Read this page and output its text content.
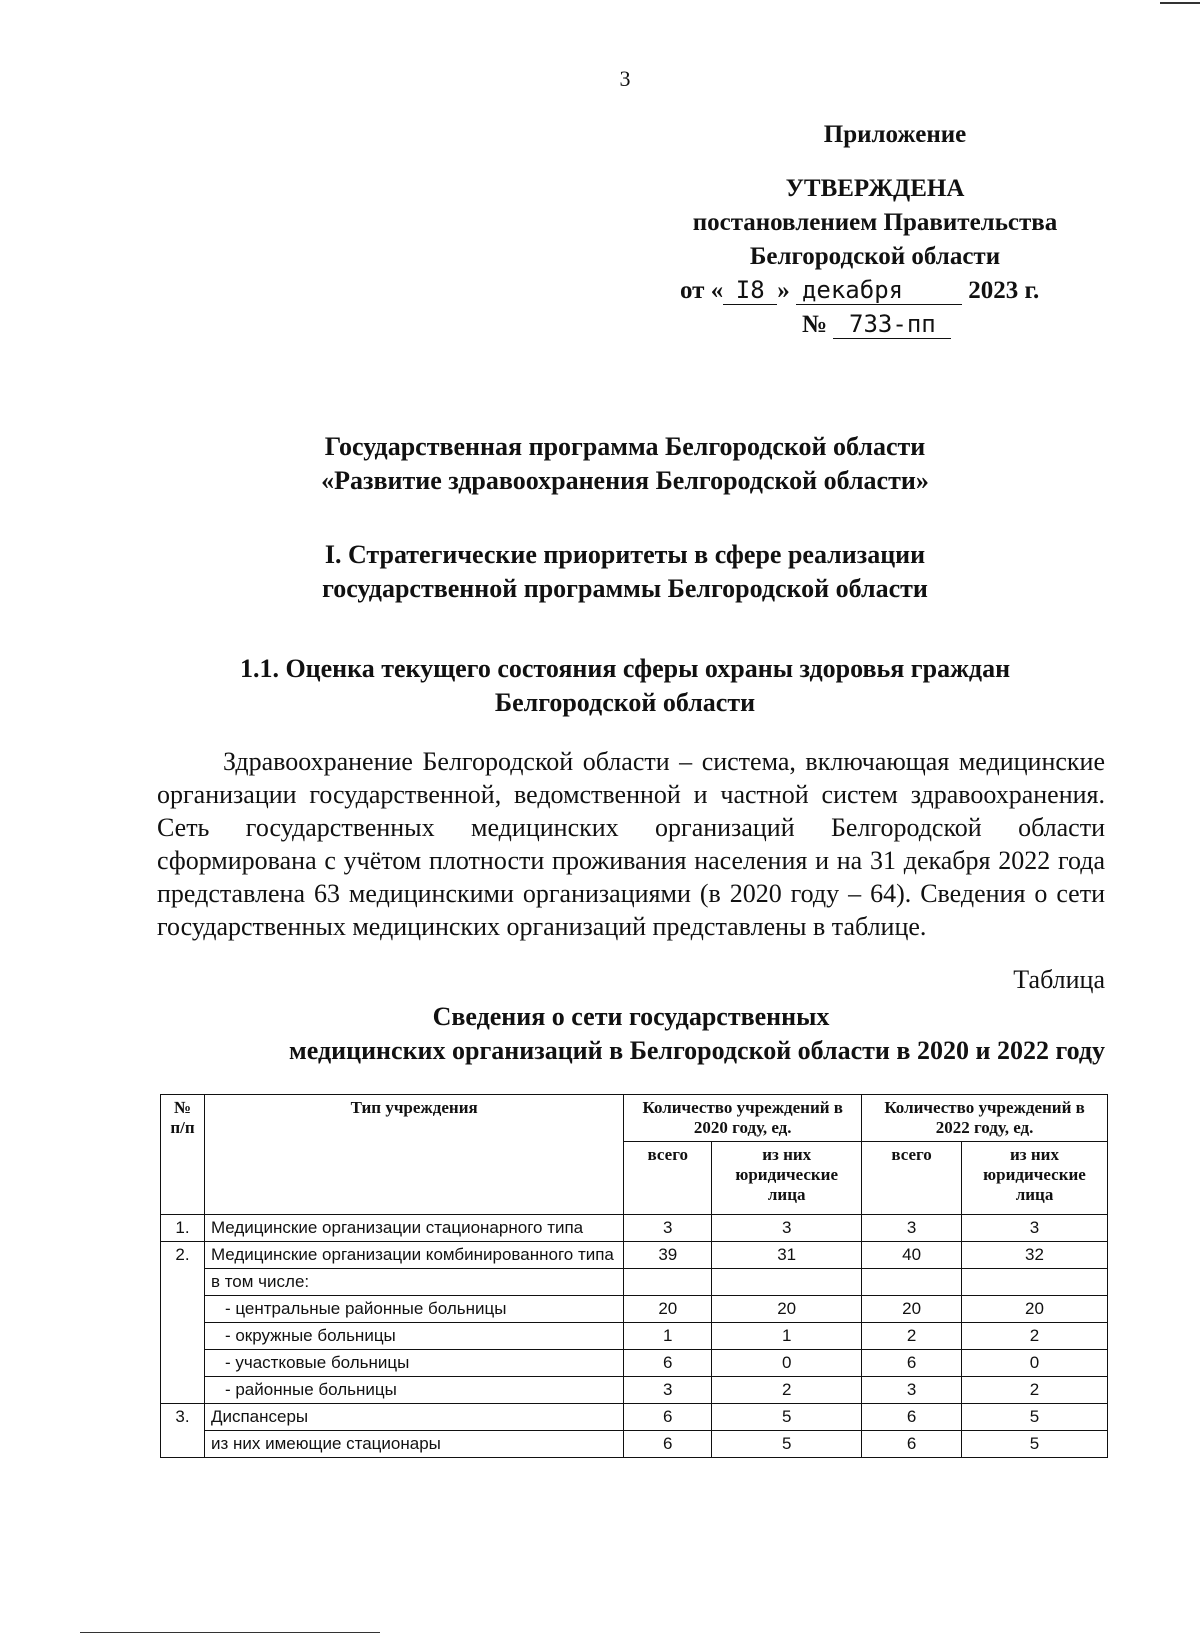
3
Приложение
УТВЕРЖДЕНА
постановлением Правительства
Белгородской области
от « I8 » декабря	2023 г.
№ 733-пп
Государственная программа Белгородской области
«Развитие здравоохранения Белгородской области»
I. Стратегические приоритеты в сфере реализации
государственной программы Белгородской области
1.1. Оценка текущего состояния сферы охраны здоровья граждан
Белгородской области
Здравоохранение Белгородской области – система, включающая медицинские организации государственной, ведомственной и частной систем здравоохранения. Сеть государственных медицинских организаций Белгородской области сформирована с учётом плотности проживания населения и на 31 декабря 2022 года представлена 63 медицинскими организациями (в 2020 году – 64). Сведения о сети государственных медицинских организаций представлены в таблице.
Таблица
Сведения о сети государственных
медицинских организаций в Белгородской области в 2020 и 2022 году
№ п/п	Тип учреждения	Количество учреждений в 2020 году, ед.		Количество учреждений в 2022 году, ед.	
		всего	из них юридические лица	всего	из них юридические лица
1.	Медицинские организации стационарного типа	3	3	3	3
2.	Медицинские организации комбинированного типа	39	31	40	32
	в том числе:				
	- центральные районные больницы	20	20	20	20
	- окружные больницы	1	1	2	2
	- участковые больницы	6	0	6	0
	- районные больницы	3	2	3	2
3.	Диспансеры	6	5	6	5
	из них имеющие стационары	6	5	6	5
